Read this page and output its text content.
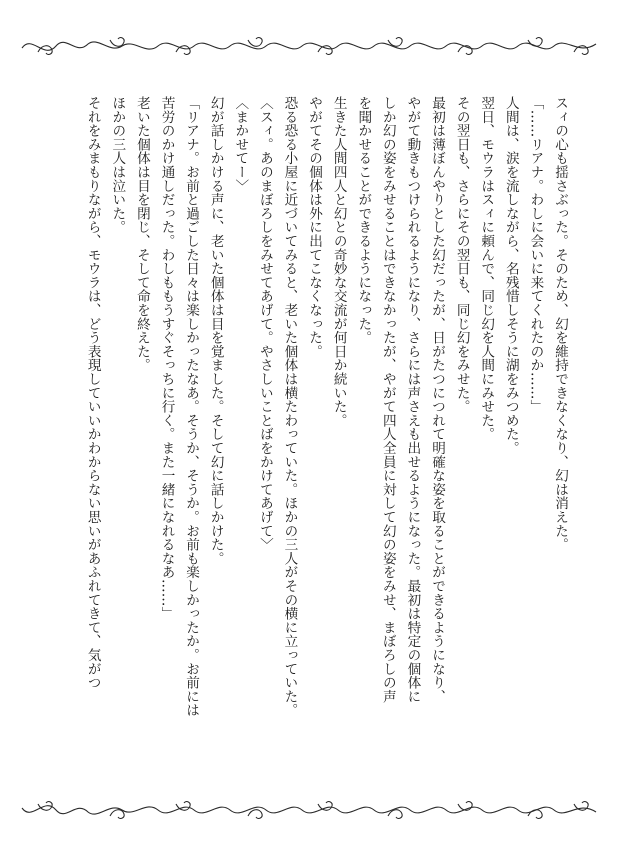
スィの心も揺さぶった。そのため、幻を維持できなくなり、幻は消えた。

「……リアナ。わしに会いに来てくれたのか……」

人間は、涙を流しながら、名残惜しそうに湖をみつめた。

翌日、モウラはスィに頼んで、同じ幻を人間にみせた。

その翌日も、さらにその翌日も、同じ幻をみせた。

最初は薄ぼんやりとした幻だったが、日がたつにつれて明確な姿を取ることができるようになり、

やがて動きもつけられるようになり、さらには声さえも出せるようになった。最初は特定の個体に

しか幻の姿をみせることはできなかったが、やがて四人全員に対して幻の姿をみせ、まぼろしの声

を聞かせることができるようになった。

生きた人間四人と幻との奇妙な交流が何日か続いた。

やがてその個体は外に出てこなくなった。

恐る恐る小屋に近づいてみると、老いた個体は横たわっていた。ほかの三人がその横に立っていた。

〈スィ。あのまぼろしをみせてあげて。やさしいことばをかけてあげて〉

〈まかせてー〉

幻が話しかける声に、老いた個体は目を覚ました。そして幻に話しかけた。

「リアナ。お前と過ごした日々は楽しかったなあ。そうか、そうか。お前も楽しかったか。お前には

苦労のかけ通しだった。わしももうすぐそっちに行く。また一緒になれるなあ……」

老いた個体は目を閉じ、そして命を終えた。

ほかの三人は泣いた。

それをみまもりながら、モウラは、どう表現していいかわからない思いがあふれてきて、気がつ
